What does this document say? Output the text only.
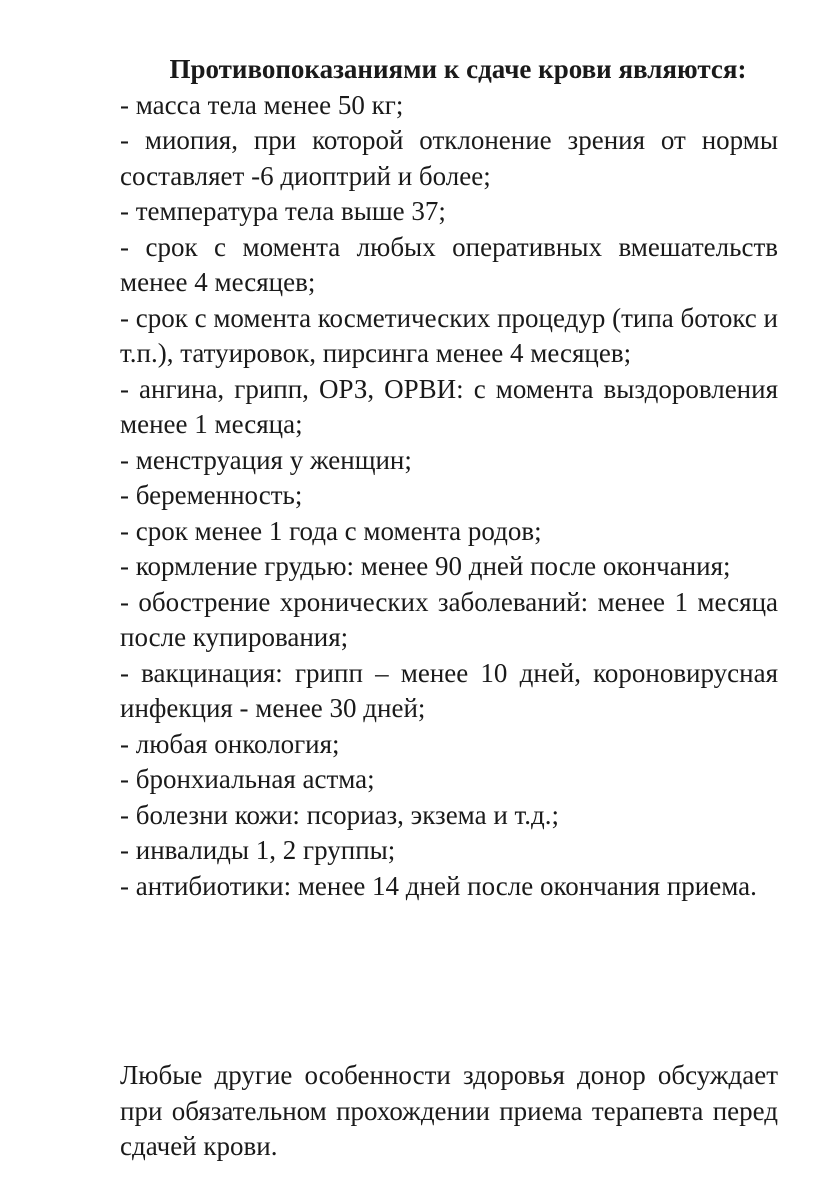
Противопоказаниями к сдаче крови являются:

- масса тела менее 50 кг;

- миопия, при которой отклонение зрения от нормы составляет -6 диоптрий и более;

- температура тела выше 37;

- срок с момента любых оперативных вмешательств менее 4 месяцев;

- срок с момента косметических процедур (типа ботокс и т.п.), татуировок, пирсинга менее 4 месяцев;

- ангина, грипп, ОРЗ, ОРВИ: с момента выздоровления менее 1 месяца;

- менструация у женщин;

- беременность;

- срок менее 1 года с момента родов;

- кормление грудью: менее 90 дней после окончания;

- обострение хронических заболеваний: менее 1 месяца после купирования;

- вакцинация: грипп – менее 10 дней, короновирусная инфекция - менее 30 дней;

- любая онкология;

- бронхиальная астма;

- болезни кожи: псориаз, экзема и т.д.;

- инвалиды 1, 2 группы;

- антибиотики: менее 14 дней после окончания приема.

Любые другие особенности здоровья донор обсуждает при обязательном прохождении приема терапевта перед сдачей крови.
